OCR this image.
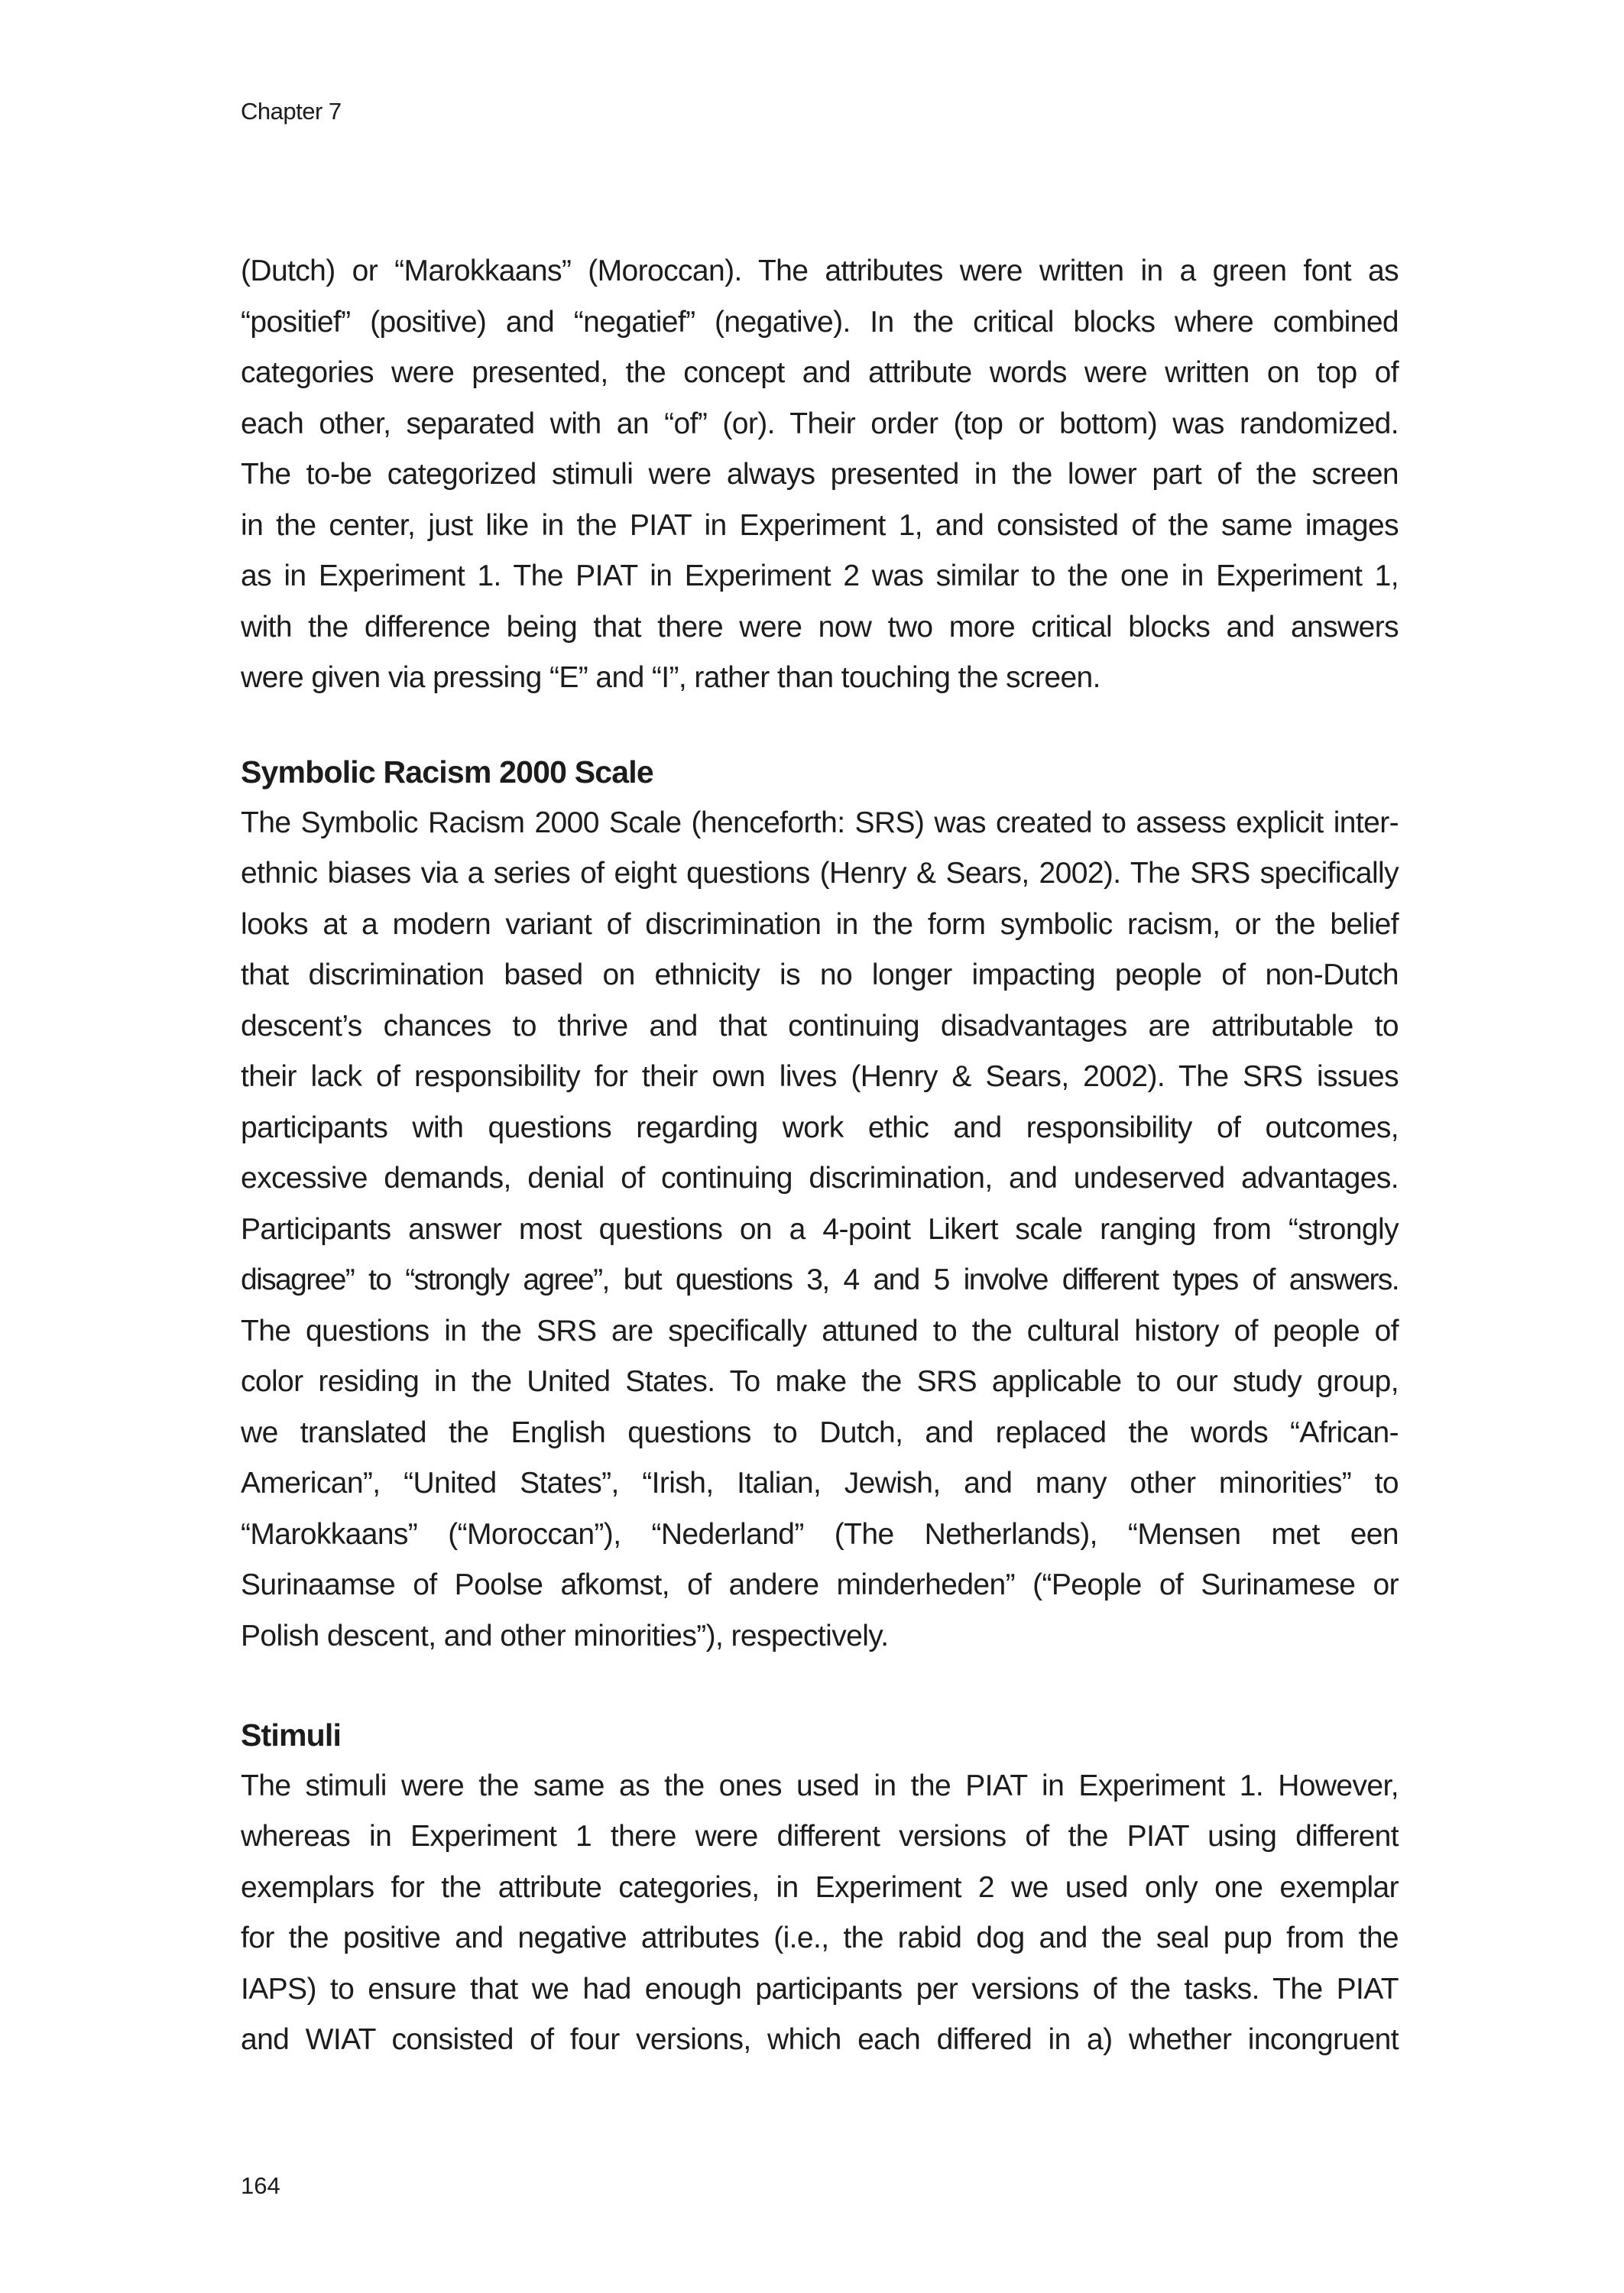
Chapter 7
(Dutch) or “Marokkaans” (Moroccan). The attributes were written in a green font as
“positief” (positive) and “negatief” (negative). In the critical blocks where combined
categories were presented, the concept and attribute words were written on top of
each other, separated with an “of” (or). Their order (top or bottom) was randomized.
The to-be categorized stimuli were always presented in the lower part of the screen
in the center, just like in the PIAT in Experiment 1, and consisted of the same images
as in Experiment 1. The PIAT in Experiment 2 was similar to the one in Experiment 1,
with the difference being that there were now two more critical blocks and answers
were given via pressing “E” and “I”, rather than touching the screen.
Symbolic Racism 2000 Scale
The Symbolic Racism 2000 Scale (henceforth: SRS) was created to assess explicit inter-
ethnic biases via a series of eight questions (Henry & Sears, 2002). The SRS specifically
looks at a modern variant of discrimination in the form symbolic racism, or the belief
that discrimination based on ethnicity is no longer impacting people of non-Dutch
descent’s chances to thrive and that continuing disadvantages are attributable to
their lack of responsibility for their own lives (Henry & Sears, 2002). The SRS issues
participants with questions regarding work ethic and responsibility of outcomes,
excessive demands, denial of continuing discrimination, and undeserved advantages.
Participants answer most questions on a 4-point Likert scale ranging from “strongly
disagree” to “strongly agree”, but questions 3, 4 and 5 involve different types of answers.
The questions in the SRS are specifically attuned to the cultural history of people of
color residing in the United States. To make the SRS applicable to our study group,
we translated the English questions to Dutch, and replaced the words “African-
American”, “United States”, “Irish, Italian, Jewish, and many other minorities” to
“Marokkaans” (“Moroccan”), “Nederland” (The Netherlands), “Mensen met een
Surinaamse of Poolse afkomst, of andere minderheden” (“People of Surinamese or
Polish descent, and other minorities”), respectively.
Stimuli
The stimuli were the same as the ones used in the PIAT in Experiment 1. However,
whereas in Experiment 1 there were different versions of the PIAT using different
exemplars for the attribute categories, in Experiment 2 we used only one exemplar
for the positive and negative attributes (i.e., the rabid dog and the seal pup from the
IAPS) to ensure that we had enough participants per versions of the tasks. The PIAT
and WIAT consisted of four versions, which each differed in a) whether incongruent
164
